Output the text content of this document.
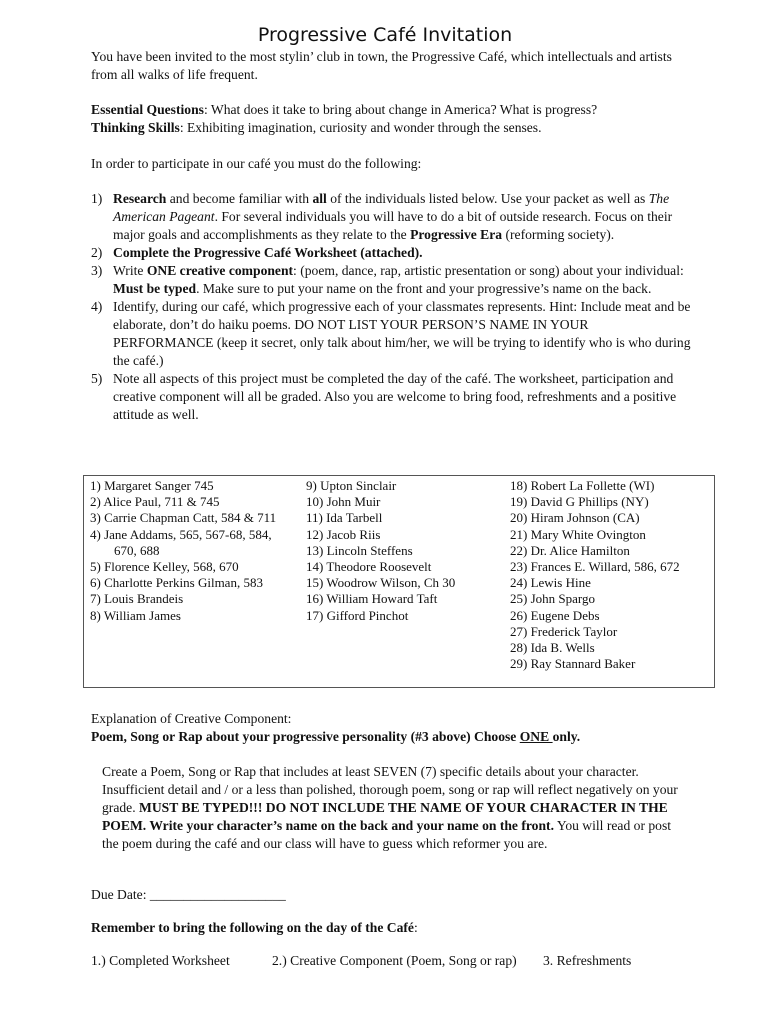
Progressive Café Invitation
You have been invited to the most stylin’ club in town, the Progressive Café, which intellectuals and artists from all walks of life frequent.
Essential Questions: What does it take to bring about change in America? What is progress?
Thinking Skills: Exhibiting imagination, curiosity and wonder through the senses.
In order to participate in our café you must do the following:
1) Research and become familiar with all of the individuals listed below. Use your packet as well as The American Pageant. For several individuals you will have to do a bit of outside research. Focus on their major goals and accomplishments as they relate to the Progressive Era (reforming society).
2) Complete the Progressive Café Worksheet (attached).
3) Write ONE creative component: (poem, dance, rap, artistic presentation or song) about your individual: Must be typed. Make sure to put your name on the front and your progressive’s name on the back.
4) Identify, during our café, which progressive each of your classmates represents. Hint: Include meat and be elaborate, don’t do haiku poems. DO NOT LIST YOUR PERSON’S NAME IN YOUR PERFORMANCE (keep it secret, only talk about him/her, we will be trying to identify who is who during the café.)
5) Note all aspects of this project must be completed the day of the café. The worksheet, participation and creative component will all be graded. Also you are welcome to bring food, refreshments and a positive attitude as well.
1) Margaret Sanger 745
2) Alice Paul, 711 & 745
3) Carrie Chapman Catt, 584 & 711
4) Jane Addams, 565, 567-68, 584,
670, 688
5) Florence Kelley, 568, 670
6) Charlotte Perkins Gilman, 583
7) Louis Brandeis
8) William James
9) Upton Sinclair
10) John Muir
11) Ida Tarbell
12) Jacob Riis
13) Lincoln Steffens
14) Theodore Roosevelt
15) Woodrow Wilson, Ch 30
16) William Howard Taft
17) Gifford Pinchot
18) Robert La Follette (WI)
19) David G Phillips (NY)
20) Hiram Johnson (CA)
21) Mary White Ovington
22) Dr. Alice Hamilton
23) Frances E. Willard, 586, 672
24) Lewis Hine
25) John Spargo
26) Eugene Debs
27) Frederick Taylor
28) Ida B. Wells
29) Ray Stannard Baker
Explanation of Creative Component:
Poem, Song or Rap about your progressive personality (#3 above) Choose ONE only.
Create a Poem, Song or Rap that includes at least SEVEN (7) specific details about your character. Insufficient detail and / or a less than polished, thorough poem, song or rap will reflect negatively on your grade. MUST BE TYPED!!! DO NOT INCLUDE THE NAME OF YOUR CHARACTER IN THE POEM. Write your character’s name on the back and your name on the front. You will read or post the poem during the café and our class will have to guess which reformer you are.
Due Date: ____________________
Remember to bring the following on the day of the Café:
1.) Completed Worksheet	2.) Creative Component (Poem, Song or rap) 3. Refreshments
